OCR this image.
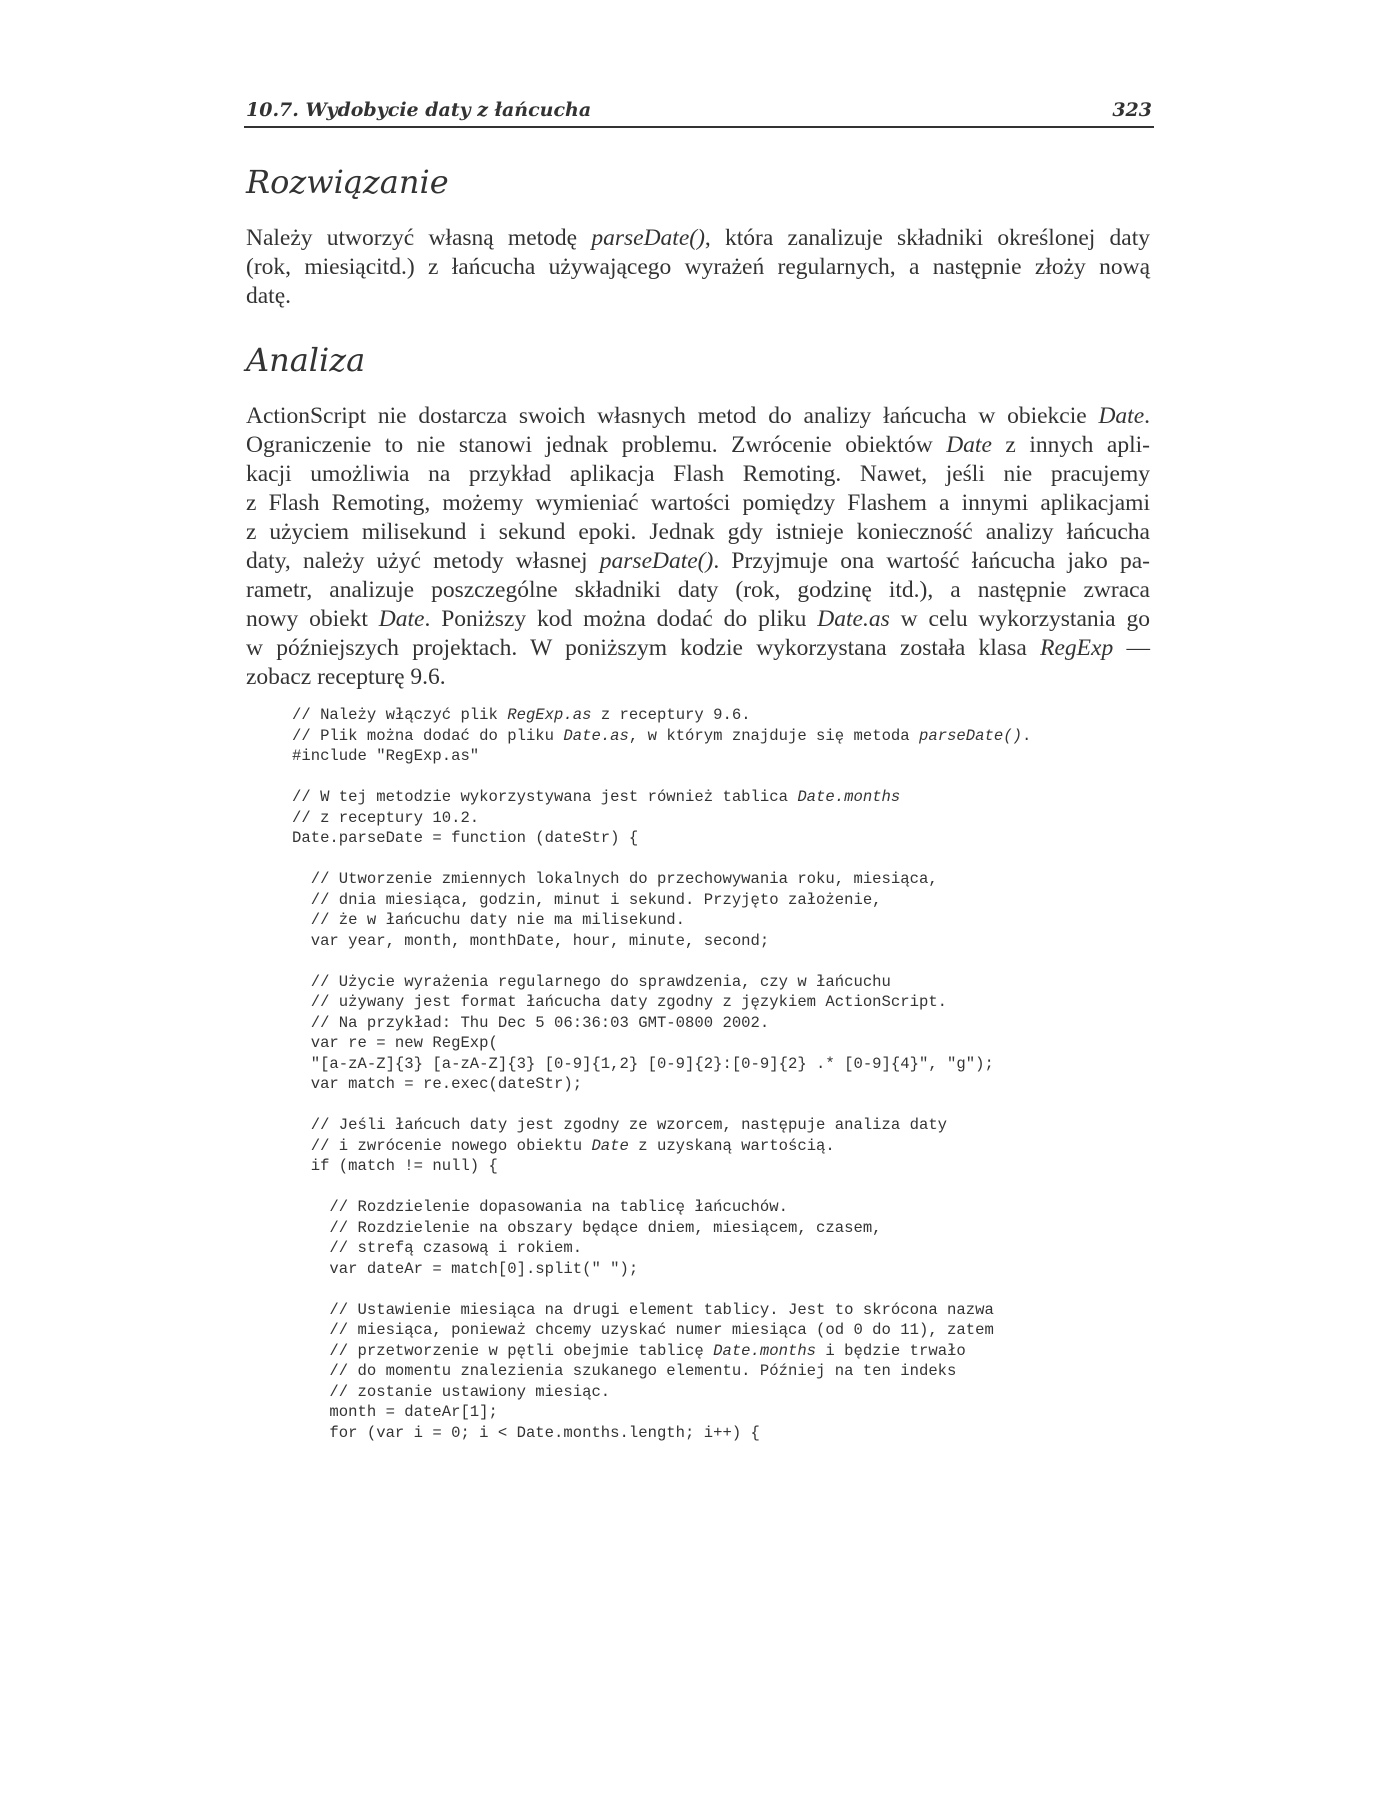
10.7. Wydobycie daty z łańcucha	323
Rozwiązanie
Należy utworzyć własną metodę parseDate(), która zanalizuje składniki określonej daty
(rok, miesiącitd.) z łańcucha używającego wyrażeń regularnych, a następnie złoży nową
datę.
Analiza
ActionScript nie dostarcza swoich własnych metod do analizy łańcucha w obiekcie Date.
Ograniczenie to nie stanowi jednak problemu. Zwrócenie obiektów Date z innych apli-
kacji umożliwia na przykład aplikacja Flash Remoting. Nawet, jeśli nie pracujemy
z Flash Remoting, możemy wymieniać wartości pomiędzy Flashem a innymi aplikacjami
z użyciem milisekund i sekund epoki. Jednak gdy istnieje konieczność analizy łańcucha
daty, należy użyć metody własnej parseDate(). Przyjmuje ona wartość łańcucha jako pa-
rametr, analizuje poszczególne składniki daty (rok, godzinę itd.), a następnie zwraca
nowy obiekt Date. Poniższy kod można dodać do pliku Date.as w celu wykorzystania go
w późniejszych projektach. W poniższym kodzie wykorzystana została klasa RegExp —
zobacz recepturę 9.6.
// Należy włączyć plik RegExp.as z receptury 9.6.
// Plik można dodać do pliku Date.as, w którym znajduje się metoda parseDate().
#include "RegExp.as"
// W tej metodzie wykorzystywana jest również tablica Date.months
// z receptury 10.2.
Date.parseDate = function (dateStr) {
// Utworzenie zmiennych lokalnych do przechowywania roku, miesiąca,
// dnia miesiąca, godzin, minut i sekund. Przyjęto założenie,
// że w łańcuchu daty nie ma milisekund.
var year, month, monthDate, hour, minute, second;
// Użycie wyrażenia regularnego do sprawdzenia, czy w łańcuchu
// używany jest format łańcucha daty zgodny z językiem ActionScript.
// Na przykład: Thu Dec 5 06:36:03 GMT-0800 2002.
var re = new RegExp(
"[a-zA-Z]{3} [a-zA-Z]{3} [0-9]{1,2} [0-9]{2}:[0-9]{2} .* [0-9]{4}", "g");
var match = re.exec(dateStr);
// Jeśli łańcuch daty jest zgodny ze wzorcem, następuje analiza daty
// i zwrócenie nowego obiektu Date z uzyskaną wartością.
if (match != null) {
// Rozdzielenie dopasowania na tablicę łańcuchów.
// Rozdzielenie na obszary będące dniem, miesiącem, czasem,
// strefą czasową i rokiem.
var dateAr = match[0].split(" ");
// Ustawienie miesiąca na drugi element tablicy. Jest to skrócona nazwa
// miesiąca, ponieważ chcemy uzyskać numer miesiąca (od 0 do 11), zatem
// przetworzenie w pętli obejmie tablicę Date.months i będzie trwało
// do momentu znalezienia szukanego elementu. Później na ten indeks
// zostanie ustawiony miesiąc.
month = dateAr[1];
for (var i = 0; i < Date.months.length; i++) {
